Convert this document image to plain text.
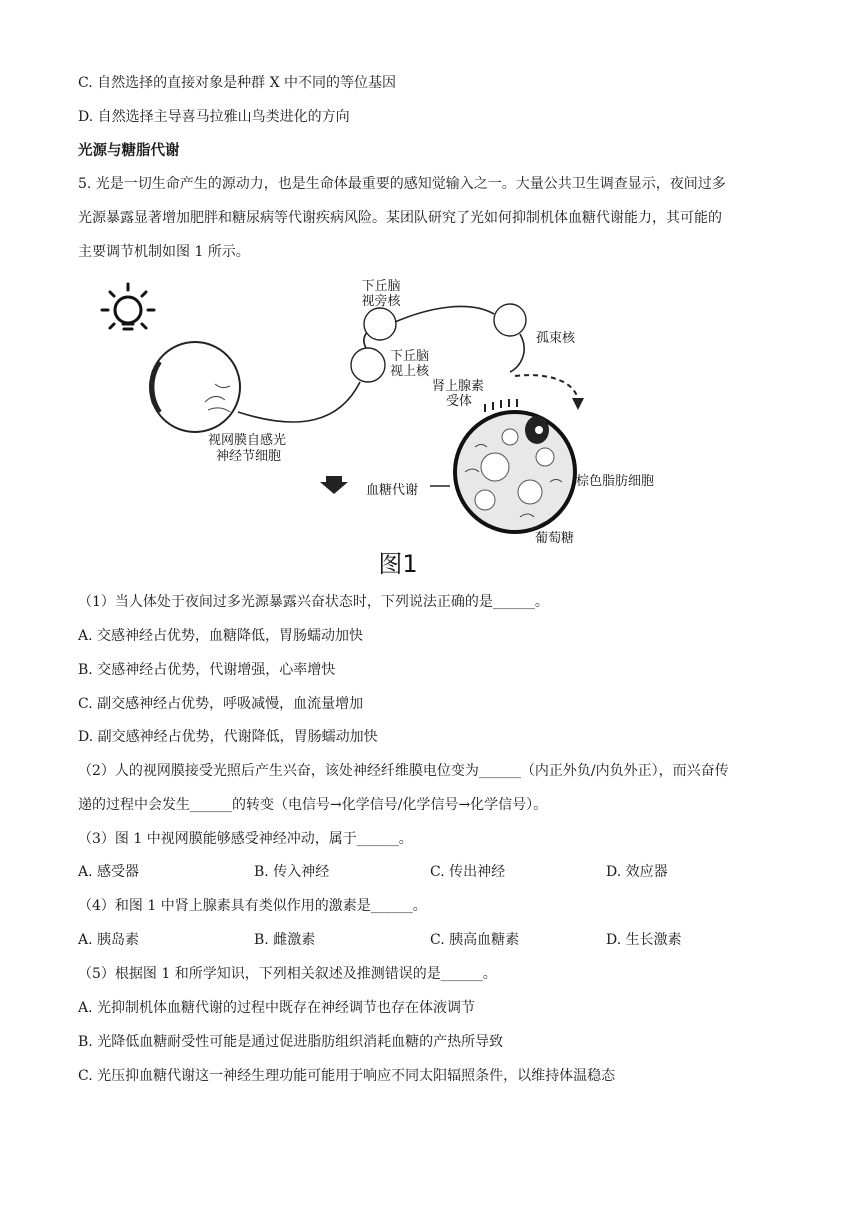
C. 自然选择的直接对象是种群 X 中不同的等位基因
D. 自然选择主导喜马拉雅山鸟类进化的方向
光源与糖脂代谢
5. 光是一切生命产生的源动力，也是生命体最重要的感知觉输入之一。大量公共卫生调查显示，夜间过多
光源暴露显著增加肥胖和糖尿病等代谢疾病风险。某团队研究了光如何抑制机体血糖代谢能力，其可能的
主要调节机制如图 1 所示。
下丘脑
视旁核
孤束核
下丘脑
视上核
肾上腺素
受体
视网膜自感光
神经节细胞
血糖代谢
棕色脂肪细胞
葡萄糖
图1
（1）当人体处于夜间过多光源暴露兴奋状态时，下列说法正确的是______。
A. 交感神经占优势，血糖降低，胃肠蠕动加快
B. 交感神经占优势，代谢增强，心率增快
C. 副交感神经占优势，呼吸减慢，血流量增加
D. 副交感神经占优势，代谢降低，胃肠蠕动加快
（2）人的视网膜接受光照后产生兴奋，该处神经纤维膜电位变为______（内正外负/内负外正），而兴奋传
递的过程中会发生______的转变（电信号→化学信号/化学信号→化学信号）。
（3）图 1 中视网膜能够感受神经冲动，属于______。
A. 感受器	B. 传入神经	C. 传出神经	D. 效应器
（4）和图 1 中肾上腺素具有类似作用的激素是______。
A. 胰岛素	B. 雌激素	C. 胰高血糖素	D. 生长激素
（5）根据图 1 和所学知识，下列相关叙述及推测错误的是______。
A. 光抑制机体血糖代谢的过程中既存在神经调节也存在体液调节
B. 光降低血糖耐受性可能是通过促进脂肪组织消耗血糖的产热所导致
C. 光压抑血糖代谢这一神经生理功能可能用于响应不同太阳辐照条件，以维持体温稳态
